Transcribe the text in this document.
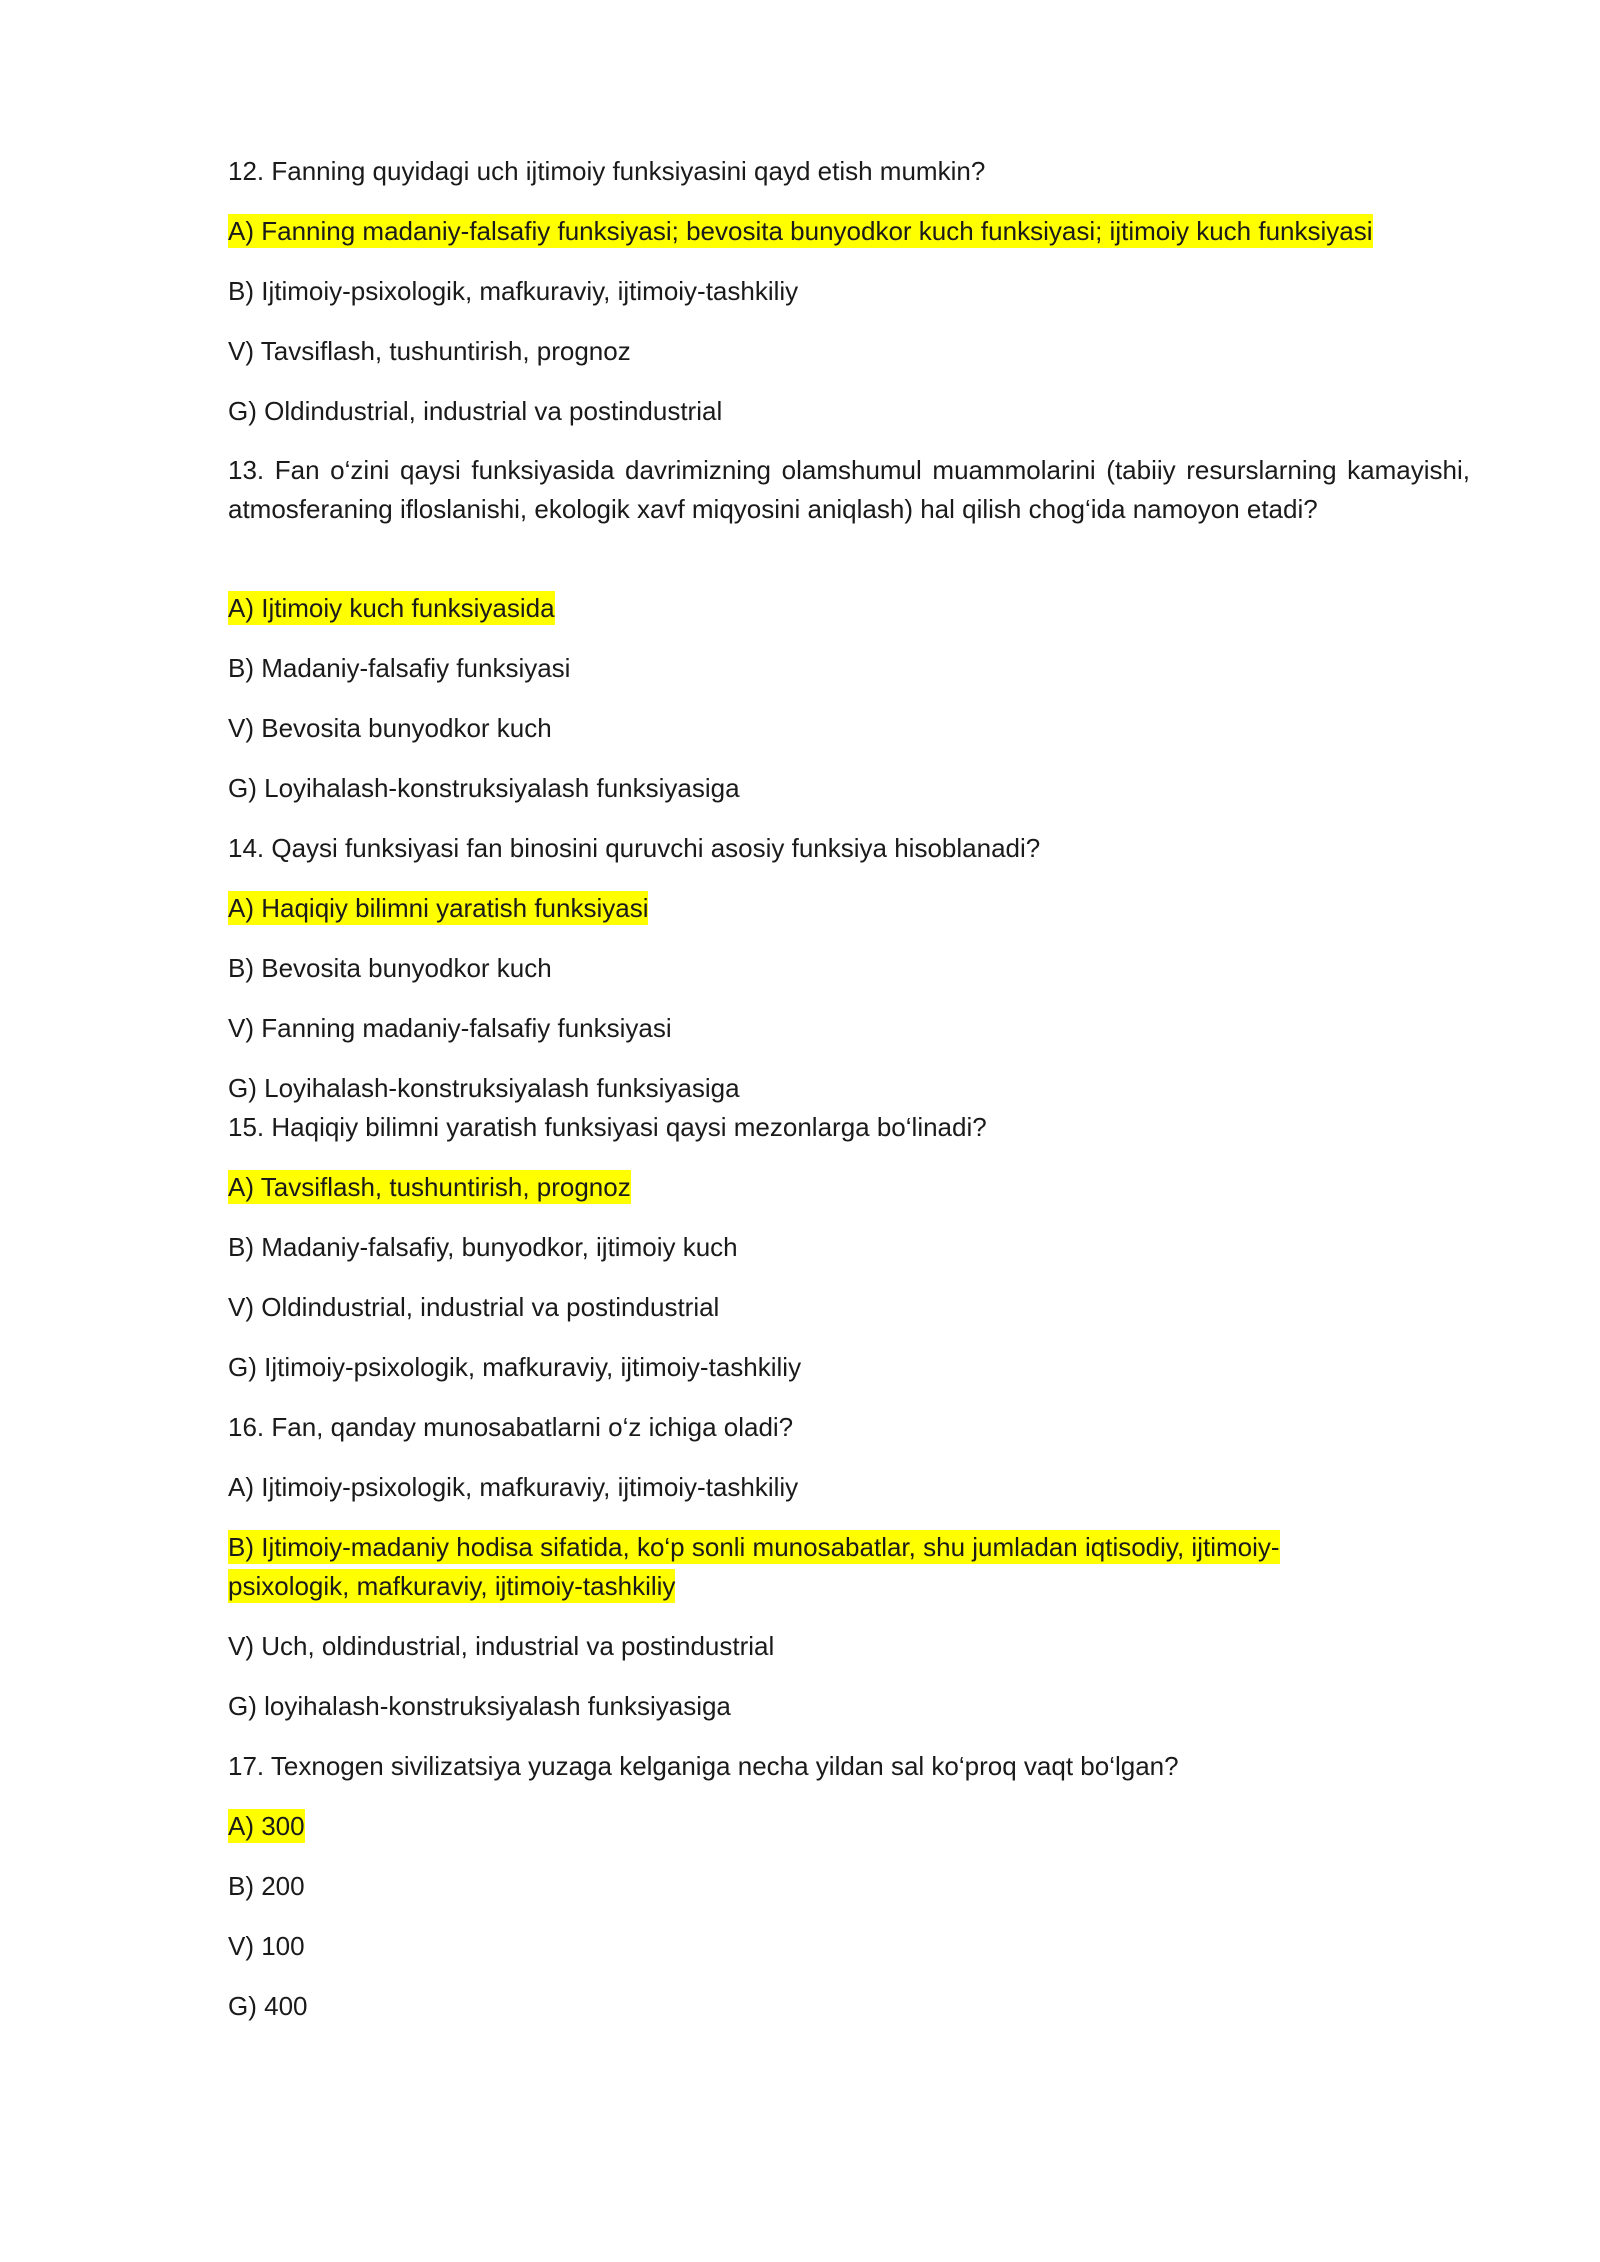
12. Fanning quyidagi uch ijtimoiy funksiyasini qayd etish mumkin?

A) Fanning madaniy-falsafiy funksiyasi; bevosita bunyodkor kuch funksiyasi; ijtimoiy kuch funksiyasi

B) Ijtimoiy-psixologik, mafkuraviy, ijtimoiy-tashkiliy

V) Tavsiflash, tushuntirish, prognoz

G) Oldindustrial, industrial va postindustrial

13. Fan o‘zini qaysi funksiyasida davrimizning olamshumul muammolarini (tabiiy resurslarning kamayishi, atmosferaning ifloslanishi, ekologik xavf miqyosini aniqlash) hal qilish chog‘ida namoyon etadi?

A) Ijtimoiy kuch funksiyasida

B) Madaniy-falsafiy funksiyasi

V) Bevosita bunyodkor kuch

G) Loyihalash-konstruksiyalash funksiyasiga

14. Qaysi funksiyasi fan binosini quruvchi asosiy funksiya hisoblanadi?

A) Haqiqiy bilimni yaratish funksiyasi

B) Bevosita bunyodkor kuch

V) Fanning madaniy-falsafiy funksiyasi

G) Loyihalash-konstruksiyalash funksiyasiga

15. Haqiqiy bilimni yaratish funksiyasi qaysi mezonlarga bo‘linadi?

A) Tavsiflash, tushuntirish, prognoz

B) Madaniy-falsafiy, bunyodkor, ijtimoiy kuch

V) Oldindustrial, industrial va postindustrial

G) Ijtimoiy-psixologik, mafkuraviy, ijtimoiy-tashkiliy

16. Fan, qanday munosabatlarni o‘z ichiga oladi?

A) Ijtimoiy-psixologik, mafkuraviy, ijtimoiy-tashkiliy

B) Ijtimoiy-madaniy hodisa sifatida, ko‘p sonli munosabatlar, shu jumladan iqtisodiy, ijtimoiy-psixologik, mafkuraviy, ijtimoiy-tashkiliy

V) Uch, oldindustrial, industrial va postindustrial

G) loyihalash-konstruksiyalash funksiyasiga

17. Texnogen sivilizatsiya yuzaga kelganiga necha yildan sal ko‘proq vaqt bo‘lgan?

A) 300

B) 200

V) 100

G) 400
